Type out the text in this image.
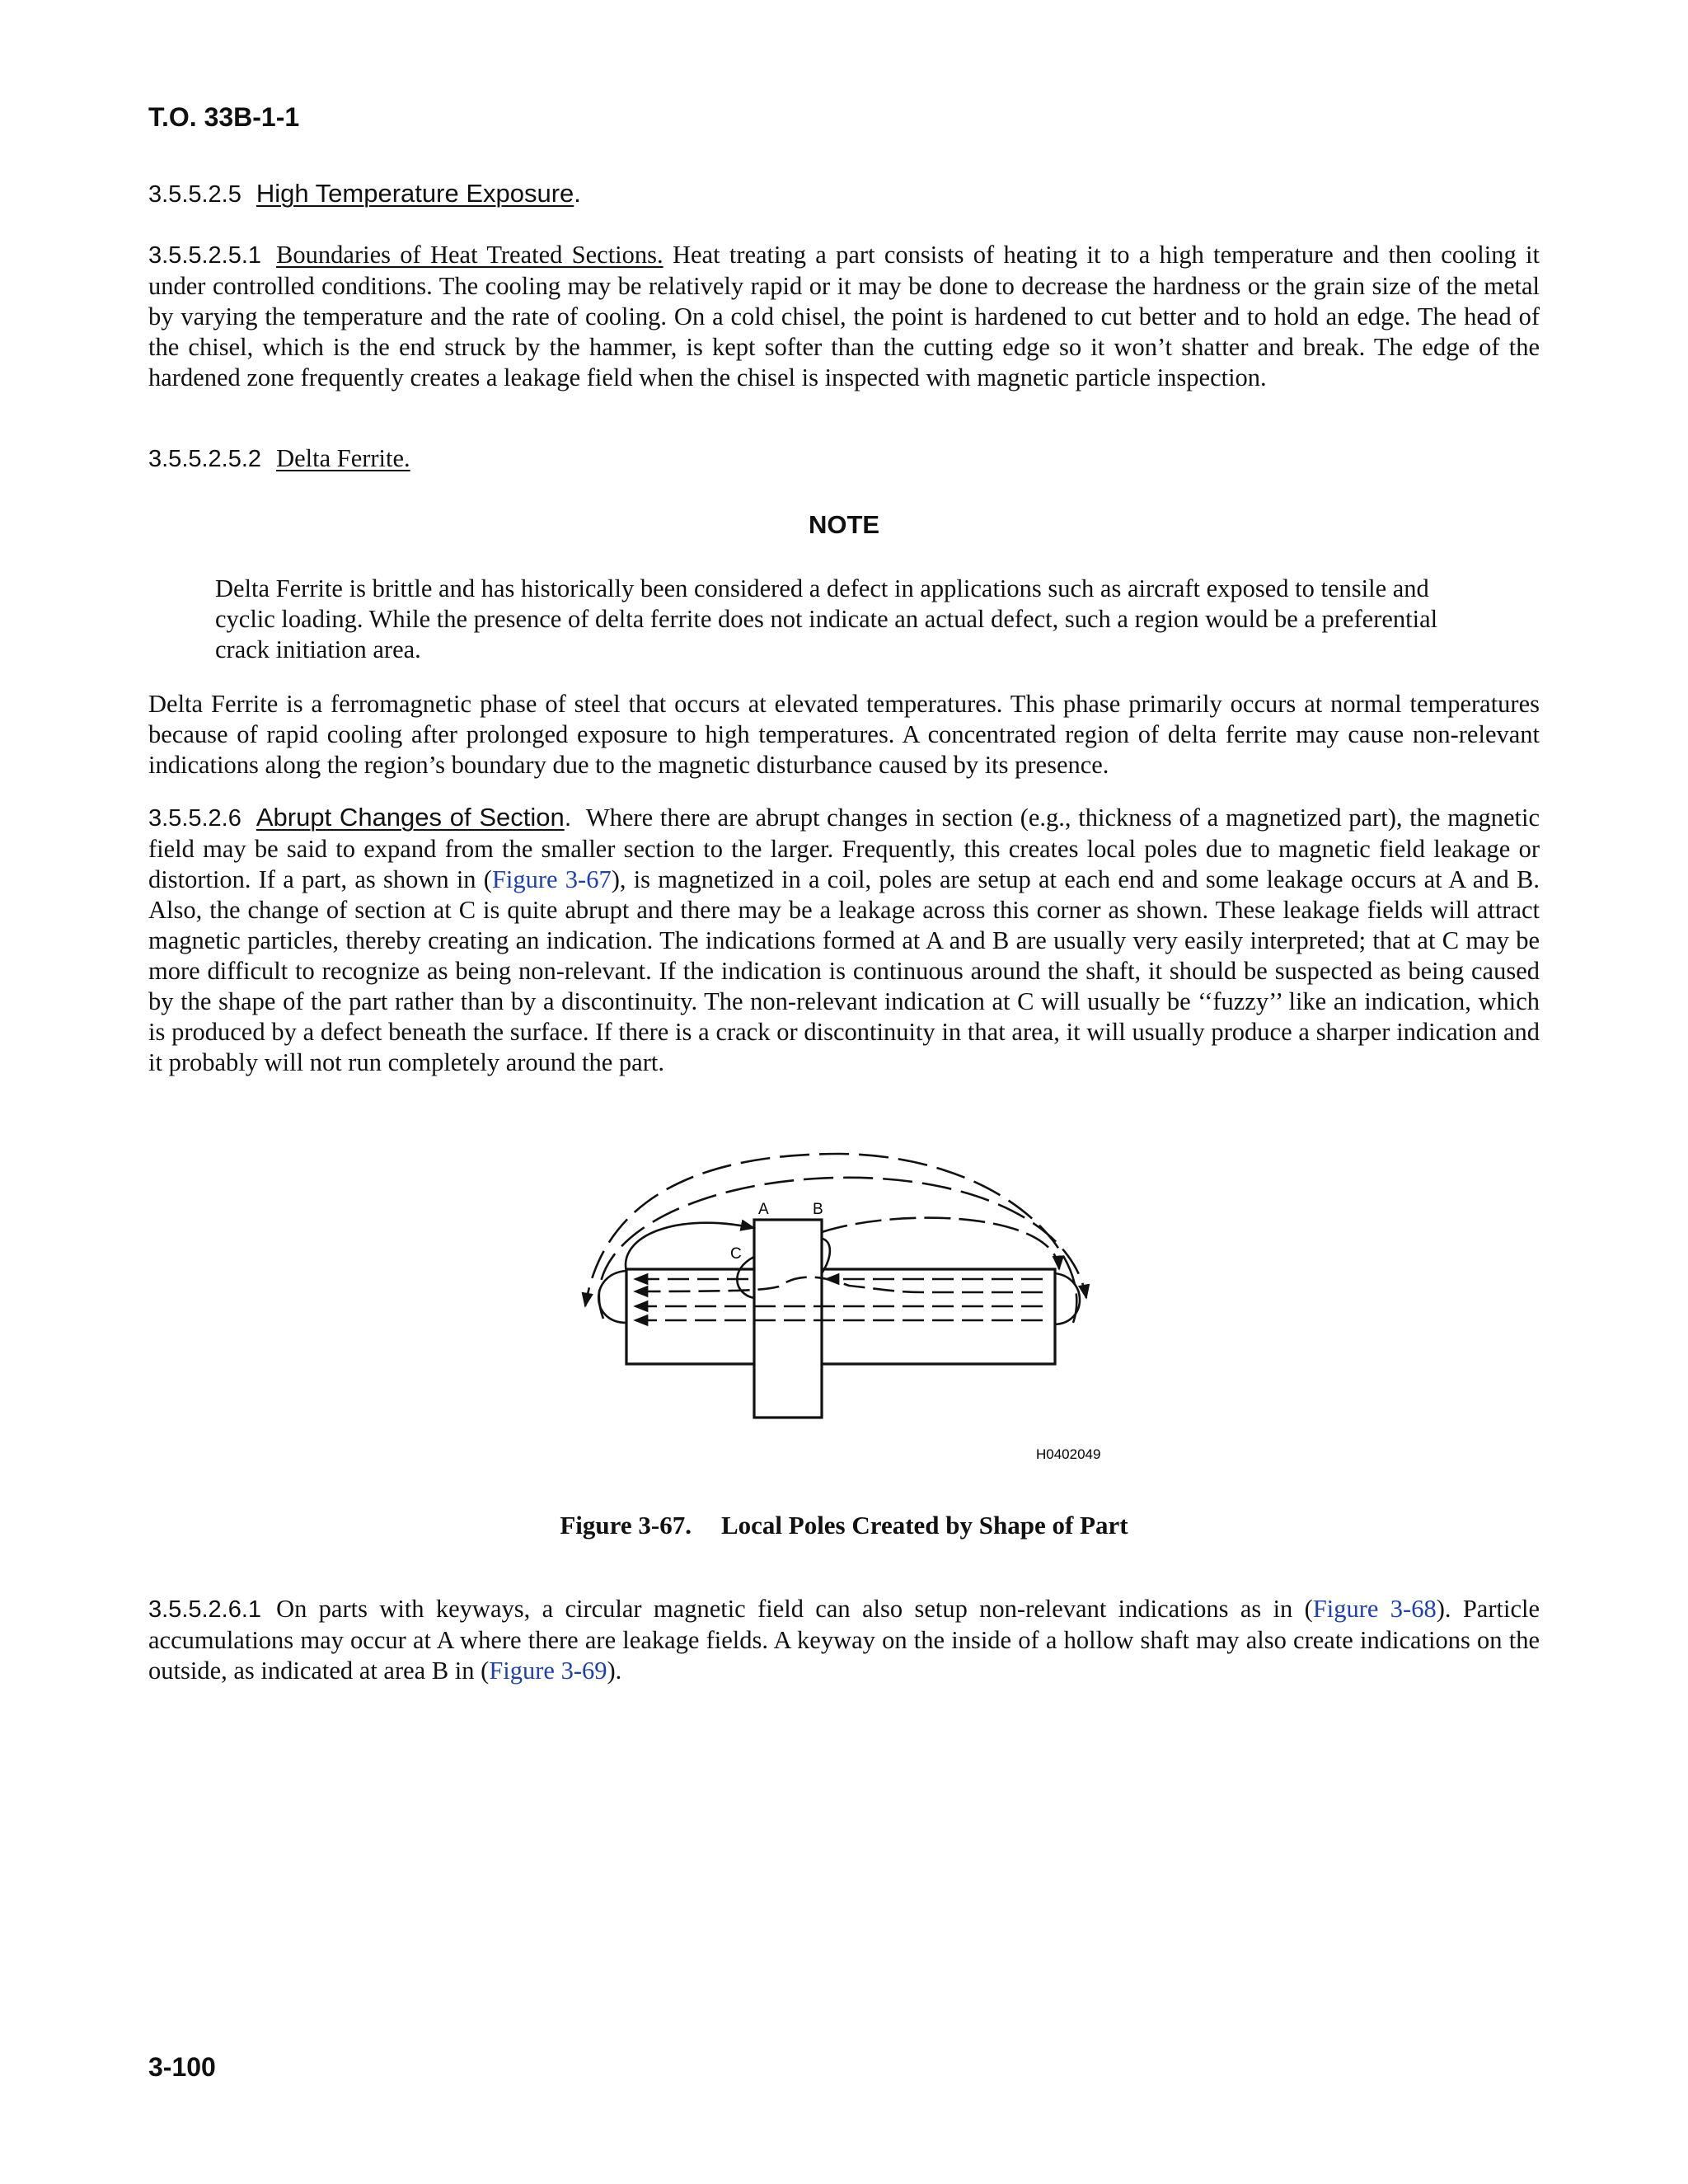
T.O. 33B-1-1
3.5.5.2.5 High Temperature Exposure.
3.5.5.2.5.1 Boundaries of Heat Treated Sections. Heat treating a part consists of heating it to a high temperature and then cooling it under controlled conditions. The cooling may be relatively rapid or it may be done to decrease the hardness or the grain size of the metal by varying the temperature and the rate of cooling. On a cold chisel, the point is hardened to cut better and to hold an edge. The head of the chisel, which is the end struck by the hammer, is kept softer than the cutting edge so it won’t shatter and break. The edge of the hardened zone frequently creates a leakage field when the chisel is inspected with magnetic particle inspection.
3.5.5.2.5.2 Delta Ferrite.
NOTE
Delta Ferrite is brittle and has historically been considered a defect in applications such as aircraft exposed to tensile and cyclic loading. While the presence of delta ferrite does not indicate an actual defect, such a region would be a preferential crack initiation area.
Delta Ferrite is a ferromagnetic phase of steel that occurs at elevated temperatures. This phase primarily occurs at normal temperatures because of rapid cooling after prolonged exposure to high temperatures. A concentrated region of delta ferrite may cause non-relevant indications along the region’s boundary due to the magnetic disturbance caused by its presence.
3.5.5.2.6 Abrupt Changes of Section. Where there are abrupt changes in section (e.g., thickness of a magnetized part), the magnetic field may be said to expand from the smaller section to the larger. Frequently, this creates local poles due to magnetic field leakage or distortion. If a part, as shown in (Figure 3-67), is magnetized in a coil, poles are setup at each end and some leakage occurs at A and B. Also, the change of section at C is quite abrupt and there may be a leakage across this corner as shown. These leakage fields will attract magnetic particles, thereby creating an indication. The indications formed at A and B are usually very easily interpreted; that at C may be more difficult to recognize as being non-relevant. If the indication is continuous around the shaft, it should be suspected as being caused by the shape of the part rather than by a discontinuity. The non-relevant indication at C will usually be ‘‘fuzzy’’ like an indication, which is produced by a defect beneath the surface. If there is a crack or discontinuity in that area, it will usually produce a sharper indication and it probably will not run completely around the part.
A	B
C
H0402049
Figure 3-67. Local Poles Created by Shape of Part
3.5.5.2.6.1 On parts with keyways, a circular magnetic field can also setup non-relevant indications as in (Figure 3-68). Particle accumulations may occur at A where there are leakage fields. A keyway on the inside of a hollow shaft may also create indications on the outside, as indicated at area B in (Figure 3-69).
3-100
